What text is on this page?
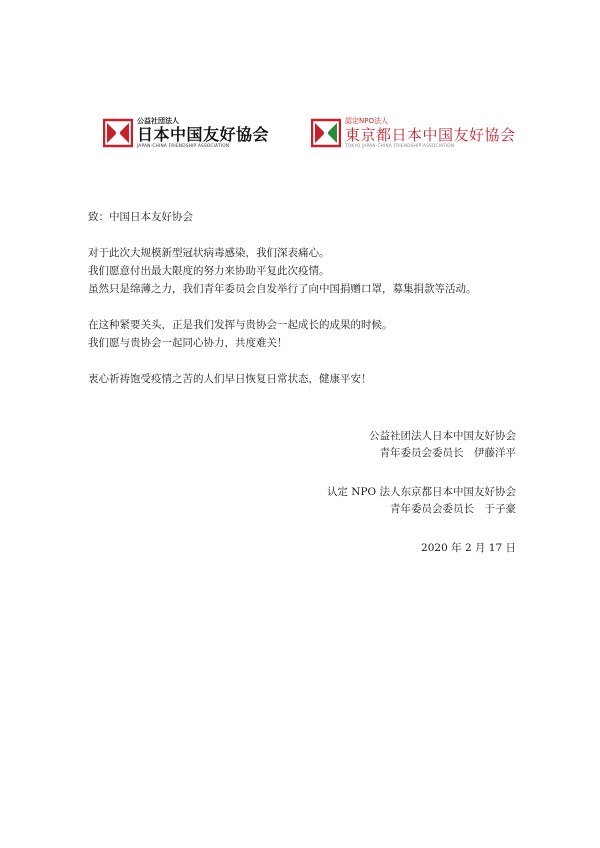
公益社団法人
日本中国友好協会
JAPAN-CHINA FRIENDSHIP ASSOCIATION
認定NPO法人
東京都日本中国友好協会
TOKYO JAPAN-CHINA FRIENDSHIP ASSOCIATION

致：中国日本友好协会

对于此次大规模新型冠状病毒感染，我们深表痛心。

我们愿意付出最大限度的努力来协助平复此次疫情。

虽然只是绵薄之力，我们青年委员会自发举行了向中国捐赠口罩，募集捐款等活动。

在这种紧要关头，正是我们发挥与贵协会一起成长的成果的时候。

我们愿与贵协会一起同心协力，共度难关！

衷心祈祷饱受疫情之苦的人们早日恢复日常状态，健康平安！

公益社团法人日本中国友好协会

青年委员会委员长　伊藤洋平

认定 NPO 法人东京都日本中国友好协会

青年委员会委员长　于子豪

2020 年 2 月 17 日
